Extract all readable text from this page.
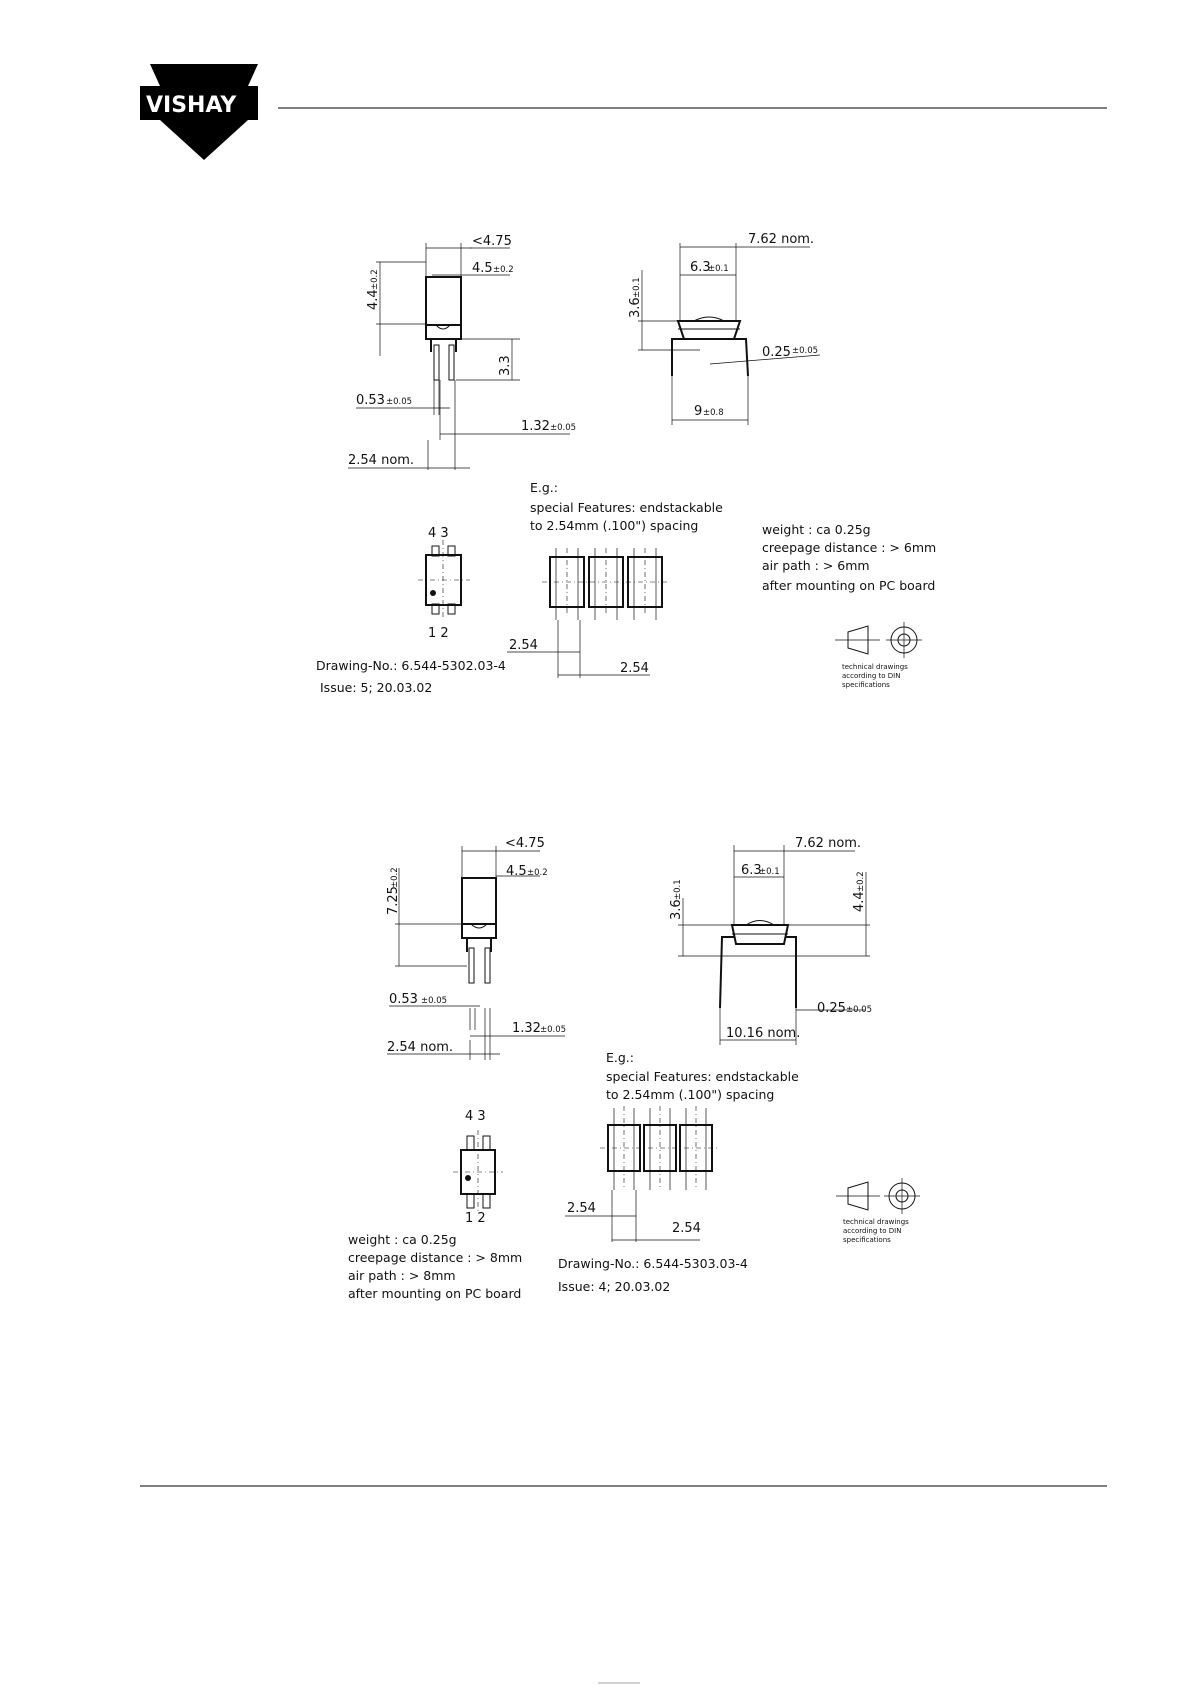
VISHAY ®
<4.75
4.5 ±0.2
4.4
±0.2
3.3
0.53 ±0.05
1.32 ±0.05
2.54 nom.
7.62 nom.
6.3
±0.1
3.6
±0.1
0.25 ±0.05
9 ±0.8
4 3
1 2
E.g.:
special Features: endstackable
to 2.54mm (.100") spacing
2.54
2.54
weight : ca 0.25g
creepage distance : > 6mm
air path : > 6mm
after mounting on PC board
technical drawings
according to DIN
specifications
Drawing-No.: 6.544-5302.03-4
Issue: 5; 20.03.02
<4.75
4.5 ±0.2
7.25
±0.2
0.53 ±0.05
1.32 ±0.05
2.54 nom.
7.62 nom.
6.3
±0.1
3.6
±0.1
4.4
±0.2
0.25 ±0.05
10.16 nom.
4 3
1 2
E.g.:
special Features: endstackable
to 2.54mm (.100") spacing
2.54
2.54
weight : ca 0.25g
creepage distance : > 8mm
air path : > 8mm
after mounting on PC board
technical drawings
according to DIN
specifications
Drawing-No.: 6.544-5303.03-4
Issue: 4; 20.03.02
